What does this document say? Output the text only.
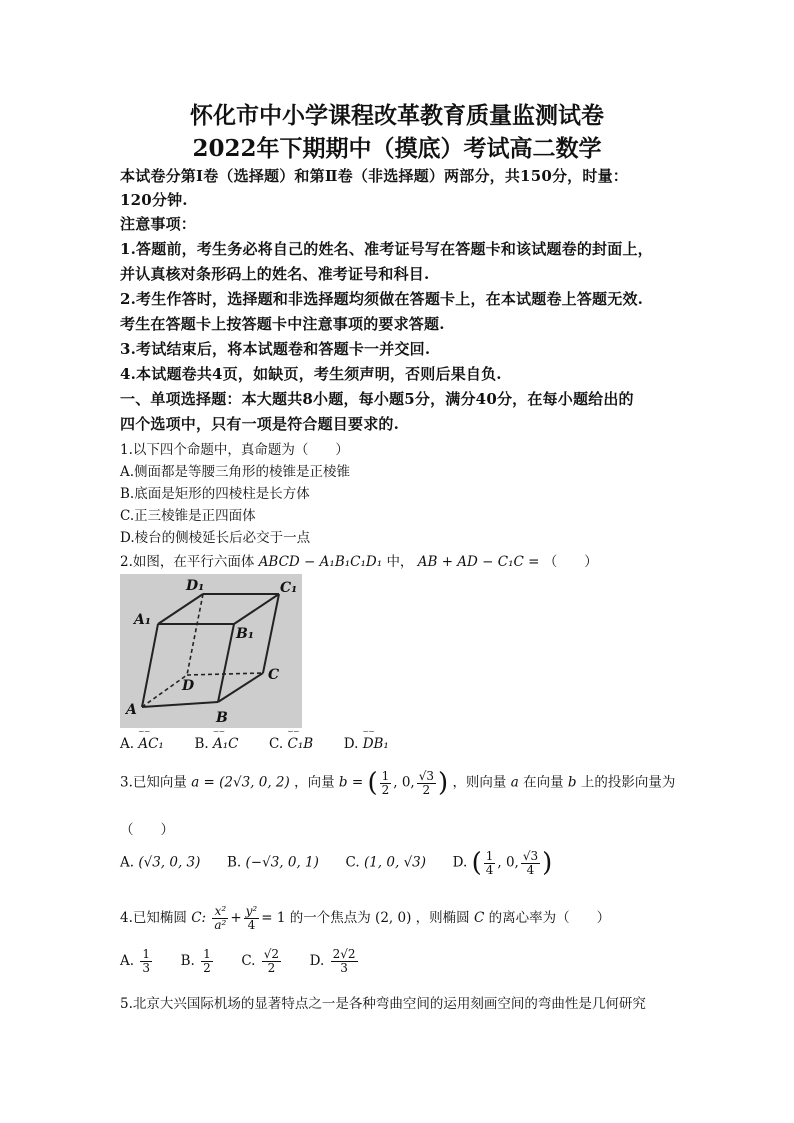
怀化市中小学课程改革教育质量监测试卷
2022年下期期中（摸底）考试高二数学
本试卷分第Ⅰ卷（选择题）和第Ⅱ卷（非选择题）两部分，共150分，时量：
120分钟.
注意事项：
1.答题前，考生务必将自己的姓名、准考证号写在答题卡和该试题卷的封面上，
并认真核对条形码上的姓名、准考证号和科目.
2.考生作答时，选择题和非选择题均须做在答题卡上，在本试题卷上答题无效.
考生在答题卡上按答题卡中注意事项的要求答题.
3.考试结束后，将本试题卷和答题卡一并交回.
4.本试题卷共4页，如缺页，考生须声明，否则后果自负.
一、单项选择题：本大题共8小题，每小题5分，满分40分，在每小题给出的
四个选项中，只有一项是符合题目要求的.
1.以下四个命题中，真命题为（　　）
A.侧面都是等腰三角形的棱锥是正棱锥
B.底面是矩形的四棱柱是长方体
C.正三棱锥是正四面体
D.棱台的侧棱延长后必交于一点
2.如图，在平行六面体 ABCD − A₁B₁C₁D₁ 中， AB + AD − C₁C = （　　）
A	B
C
D
A₁
B₁
C₁
D₁
A. ⌣⌣ AC₁ B. ⌣⌣ A₁C C. ⌣⌣ C₁B D. ⌣⌣ DB₁
3.已知向量 a = (2√3, 0, 2) ，向量 b = ( $\frac{1}{2}$ , 0, $\frac{√3}{2}$ ) ，则向量 a 在向量 b 上的投影向量为
（　　）
A. (√3, 0, 3) B. (−√3, 0, 1) C. (1, 0, √3) D. ( $\frac{1}{4}$ , 0, $\frac{√3}{4}$ )
4.已知椭圆 C: $\frac{\text{x²}}{\text{a²}} + \frac{\text{y²}}{4} = 1$ 的一个焦点为 (2, 0) ，则椭圆 C 的离心率为（　　）
A. $\frac{1}{3} B$. $\frac{1}{2} C$. $\frac{√2}{2} D$. $\frac{2√2}{3}$
5.北京大兴国际机场的显著特点之一是各种弯曲空间的运用刻画空间的弯曲性是几何研究
